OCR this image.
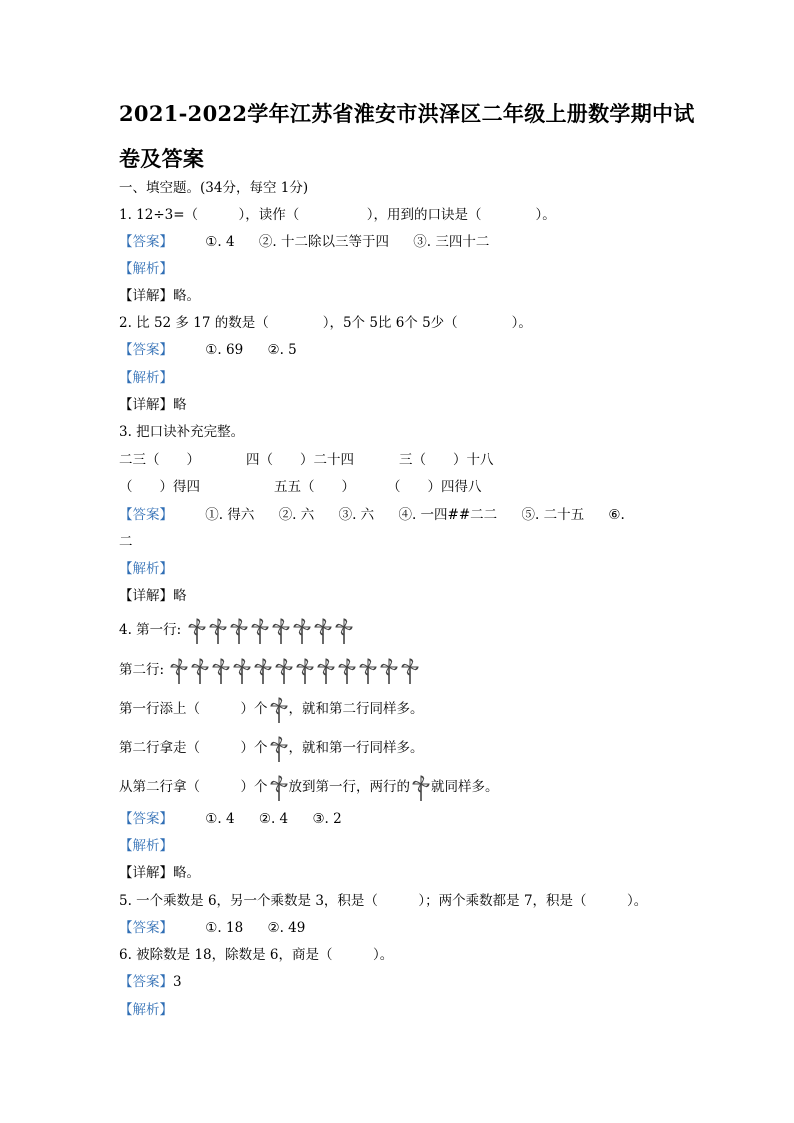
2021-2022学年江苏省淮安市洪泽区二年级上册数学期中试
卷及答案
一、填空题。(34分，每空 1分)
1. 12÷3=（　　　），读作（　　　　　），用到的口诀是（　　　　）。
【答案】 ①. 4 ②. 十二除以三等于四 ③. 三四十二
【解析】
【详解】略。
2. 比 52 多 17 的数是（　　　　），5个 5比 6个 5少（　　　　）。
【答案】 ①. 69 ②. 5
【解析】
【详解】略
3. 把口诀补充完整。
二三（　　）	四（　　）二十四	三（　　）十八
（　　）得四	五五（　　） （　　）四得八
【答案】 ①. 得六 ②. 六 ③. 六 ④. 一四##二二 ⑤. 二十五 ⑥.
二
【解析】
【详解】略
4. 第一行:
第二行:
第一行添上（　　　）个 ，就和第二行同样多。
第二行拿走（　　　）个 ，就和第一行同样多。
从第二行拿（　　　）个 放到第一行，两行的 就同样多。
【答案】 ①. 4 ②. 4 ③. 2
【解析】
【详解】略。
5. 一个乘数是 6，另一个乘数是 3，积是（　　　）；两个乘数都是 7，积是（　　　）。
【答案】 ①. 18 ②. 49
6. 被除数是 18，除数是 6，商是（　　　）。
【答案】3
【解析】
